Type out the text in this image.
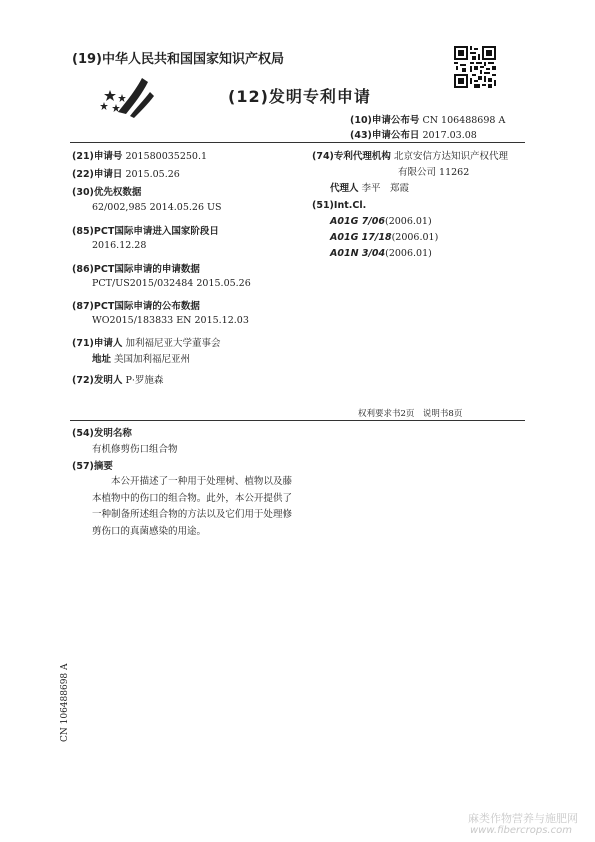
(19)中华人民共和国国家知识产权局
(12)发明专利申请
(10)申请公布号 CN 106488698 A
(43)申请公布日 2017.03.08
(21)申请号 201580035250.1
(22)申请日 2015.05.26
(30)优先权数据
62/002,985 2014.05.26 US
(85)PCT国际申请进入国家阶段日
2016.12.28
(86)PCT国际申请的申请数据
PCT/US2015/032484 2015.05.26
(87)PCT国际申请的公布数据
WO2015/183833 EN 2015.12.03
(71)申请人 加利福尼亚大学董事会
地址 美国加利福尼亚州
(72)发明人 P·罗施森
(74)专利代理机构 北京安信方达知识产权代理
有限公司 11262
代理人 李平　郑霞
(51)Int.Cl.
A01G 7/06(2006.01)
A01G 17/18(2006.01)
A01N 3/04(2006.01)
权利要求书2页　说明书8页
(54)发明名称
有机修剪伤口组合物
(57)摘要
本公开描述了一种用于处理树、植物以及藤本植物中的伤口的组合物。此外，本公开提供了一种制备所述组合物的方法以及它们用于处理修剪伤口的真菌感染的用途。
CN 106488698 A
麻类作物营养与施肥网
www.fibercrops.com
